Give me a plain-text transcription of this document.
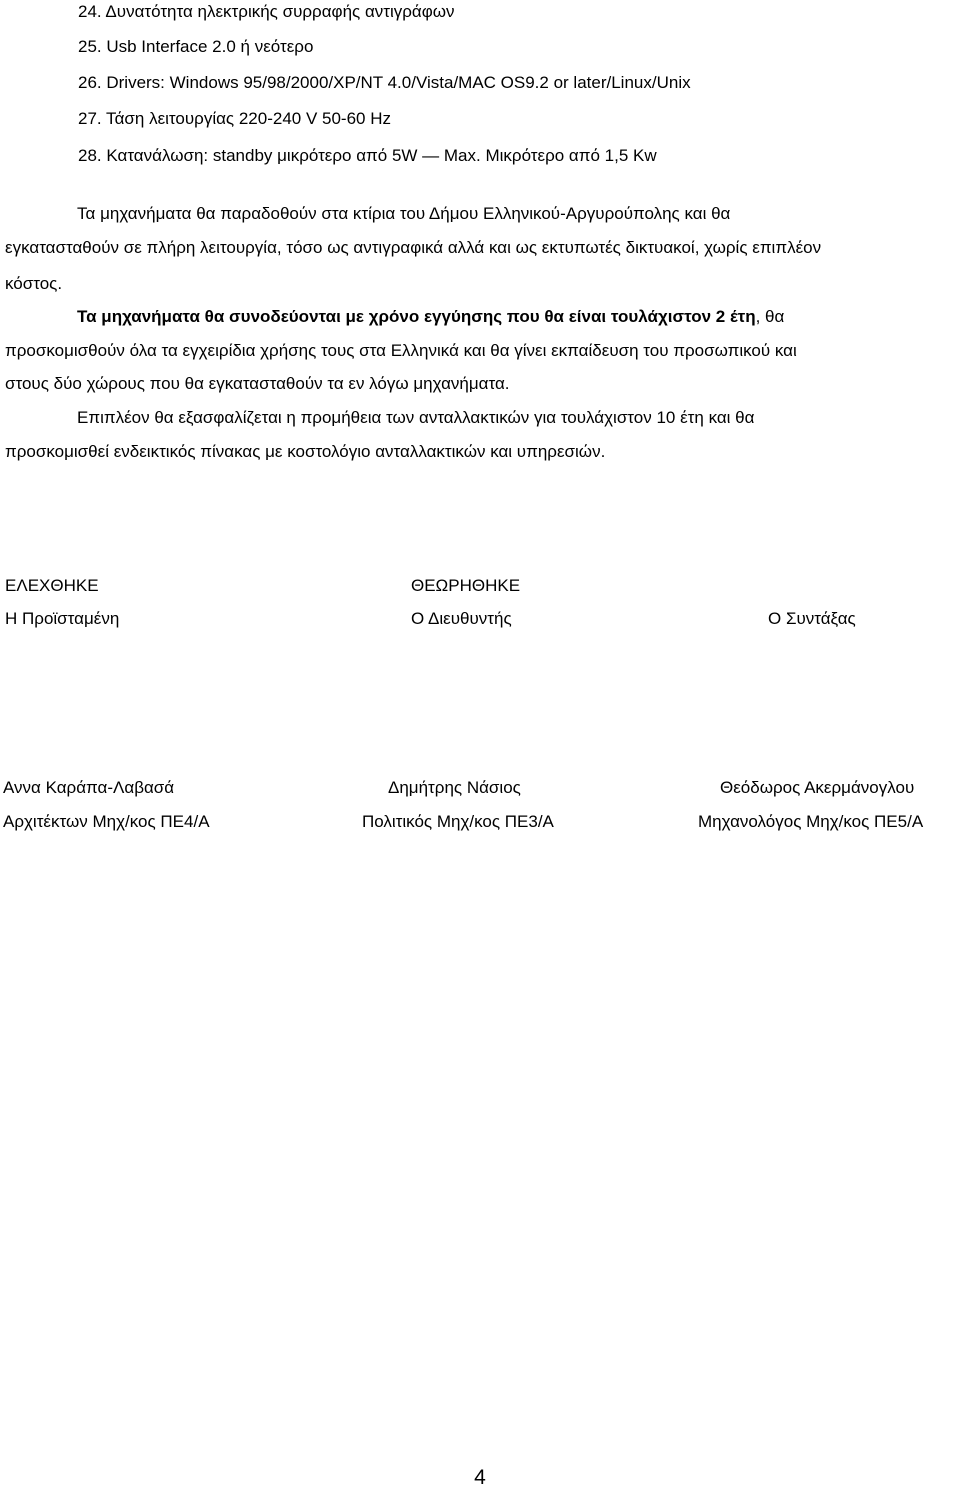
24. Δυνατότητα ηλεκτρικής συρραφής αντιγράφων
25. Usb Interface 2.0 ή νεότερο
26. Drivers: Windows 95/98/2000/XP/NT 4.0/Vista/MAC OS9.2 or later/Linux/Unix
27. Τάση λειτουργίας 220-240 V 50-60 Hz
28. Κατανάλωση: standby μικρότερο από 5W — Max. Μικρότερο από 1,5 Kw
Τα μηχανήματα θα παραδοθούν στα κτίρια του Δήμου Ελληνικού-Αργυρούπολης και θα
εγκατασταθούν σε πλήρη λειτουργία, τόσο ως αντιγραφικά αλλά και ως εκτυπωτές δικτυακοί, χωρίς επιπλέον
κόστος.
Τα μηχανήματα θα συνοδεύονται με χρόνο εγγύησης που θα είναι τουλάχιστον 2 έτη, θα
προσκομισθούν όλα τα εγχειρίδια χρήσης τους στα Ελληνικά και θα γίνει εκπαίδευση του προσωπικού και
στους δύο χώρους που θα εγκατασταθούν τα εν λόγω μηχανήματα.
Επιπλέον θα εξασφαλίζεται η προμήθεια των ανταλλακτικών για τουλάχιστον 10 έτη και θα
προσκομισθεί ενδεικτικός πίνακας με κοστολόγιο ανταλλακτικών και υπηρεσιών.
ΕΛΕΧΘΗΚΕ	ΘΕΩΡΗΘΗΚΕ
Η Προϊσταμένη	Ο Διευθυντής	Ο Συντάξας
Αννα Καράπα-Λαβασά	Δημήτρης Νάσιος	Θεόδωρος Ακερμάνογλου
Αρχιτέκτων Μηχ/κος ΠΕ4/Α	Πολιτικός Μηχ/κος ΠΕ3/Α	Μηχανολόγος Μηχ/κος ΠΕ5/Α
4
